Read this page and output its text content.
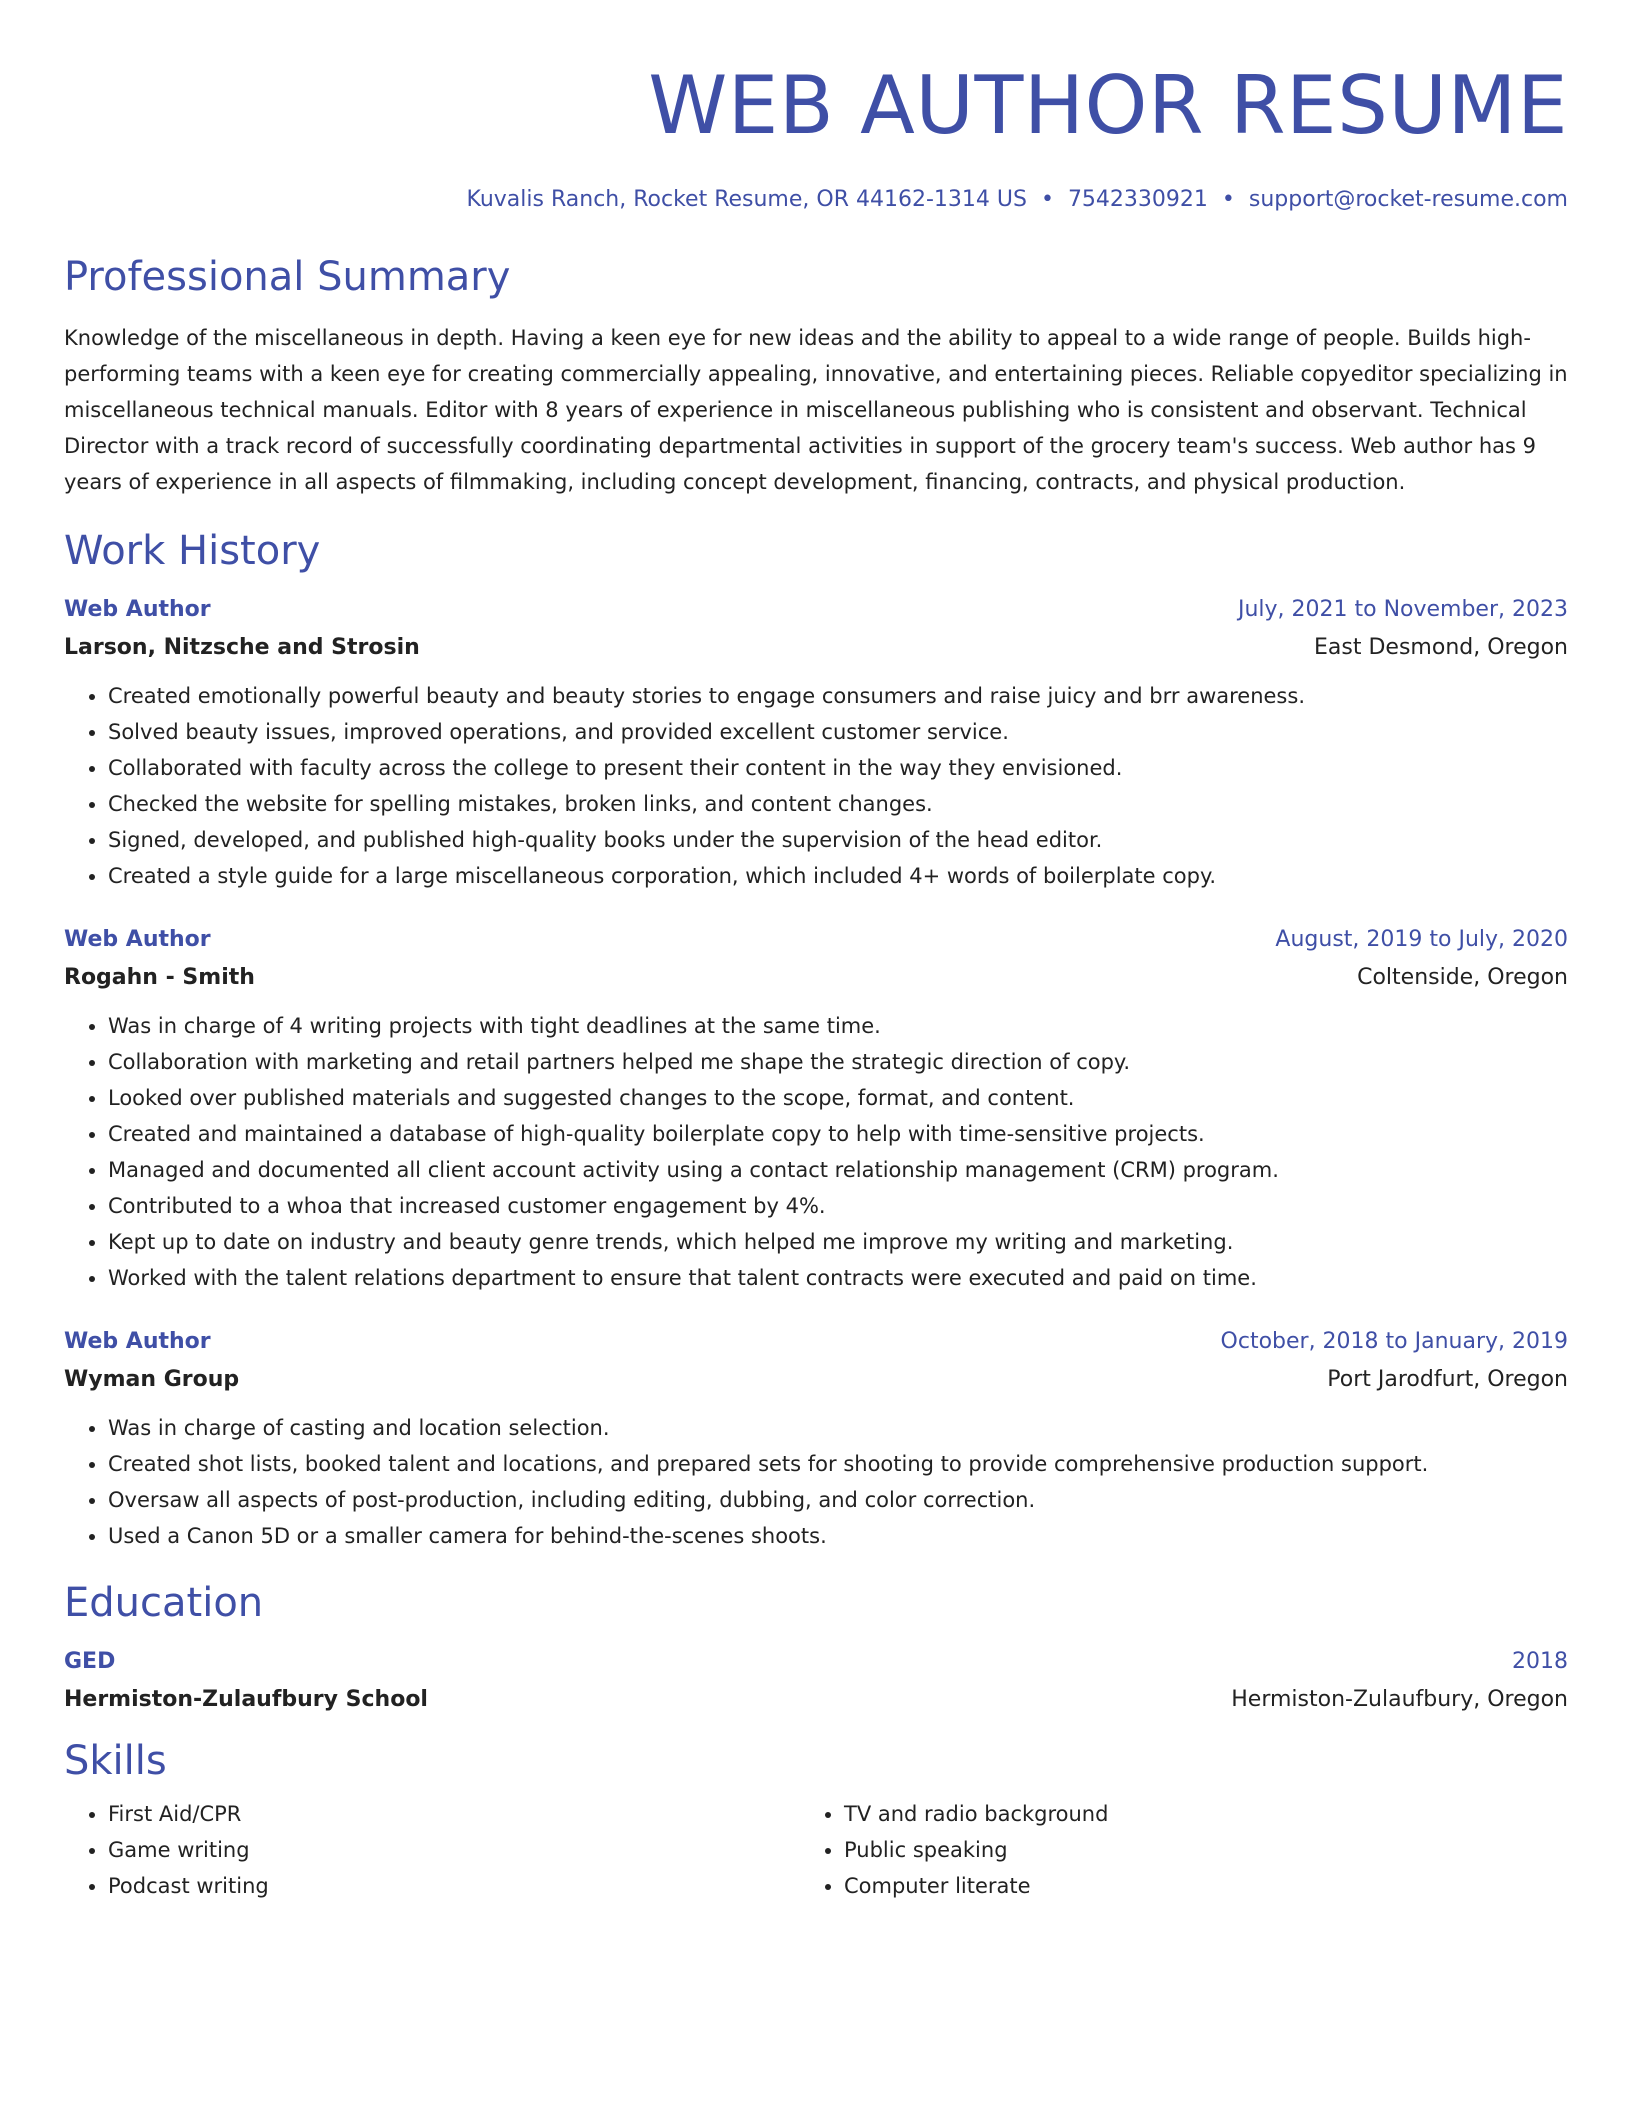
WEB AUTHOR RESUME
Kuvalis Ranch, Rocket Resume, OR 44162-1314 US • 7542330921 • support@rocket-resume.com
Professional Summary
Knowledge of the miscellaneous in depth. Having a keen eye for new ideas and the ability to appeal to a wide range of people. Builds high-performing teams with a keen eye for creating commercially appealing, innovative, and entertaining pieces. Reliable copyeditor specializing in miscellaneous technical manuals. Editor with 8 years of experience in miscellaneous publishing who is consistent and observant. Technical Director with a track record of successfully coordinating departmental activities in support of the grocery team's success. Web author has 9 years of experience in all aspects of filmmaking, including concept development, financing, contracts, and physical production.
Work History
Web Author	July, 2021 to November, 2023
Larson, Nitzsche and Strosin	East Desmond, Oregon
• Created emotionally powerful beauty and beauty stories to engage consumers and raise juicy and brr awareness.
• Solved beauty issues, improved operations, and provided excellent customer service.
• Collaborated with faculty across the college to present their content in the way they envisioned.
• Checked the website for spelling mistakes, broken links, and content changes.
• Signed, developed, and published high-quality books under the supervision of the head editor.
• Created a style guide for a large miscellaneous corporation, which included 4+ words of boilerplate copy.
Web Author	August, 2019 to July, 2020
Rogahn - Smith	Coltenside, Oregon
• Was in charge of 4 writing projects with tight deadlines at the same time.
• Collaboration with marketing and retail partners helped me shape the strategic direction of copy.
• Looked over published materials and suggested changes to the scope, format, and content.
• Created and maintained a database of high-quality boilerplate copy to help with time-sensitive projects.
• Managed and documented all client account activity using a contact relationship management (CRM) program.
• Contributed to a whoa that increased customer engagement by 4%.
• Kept up to date on industry and beauty genre trends, which helped me improve my writing and marketing.
• Worked with the talent relations department to ensure that talent contracts were executed and paid on time.
Web Author	October, 2018 to January, 2019
Wyman Group	Port Jarodfurt, Oregon
• Was in charge of casting and location selection.
• Created shot lists, booked talent and locations, and prepared sets for shooting to provide comprehensive production support.
• Oversaw all aspects of post-production, including editing, dubbing, and color correction.
• Used a Canon 5D or a smaller camera for behind-the-scenes shoots.
Education
GED	2018
Hermiston-Zulaufbury School	Hermiston-Zulaufbury, Oregon
Skills
• First Aid/CPR
• Game writing
• Podcast writing
• TV and radio background
• Public speaking
• Computer literate
